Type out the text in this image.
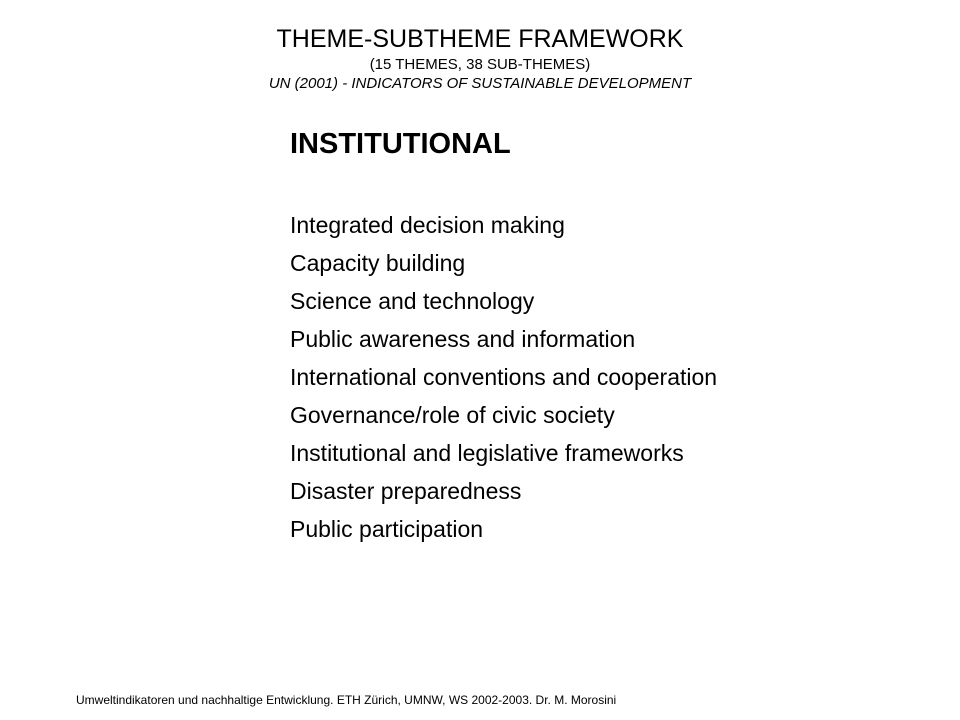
THEME-SUBTHEME FRAMEWORK
(15 THEMES, 38 SUB-THEMES)
UN (2001) - INDICATORS OF SUSTAINABLE DEVELOPMENT
INSTITUTIONAL
Integrated decision making
Capacity building
Science and technology
Public awareness and information
International conventions and cooperation
Governance/role of civic society
Institutional and legislative frameworks
Disaster preparedness
Public participation
Umweltindikatoren und nachhaltige Entwicklung. ETH Zürich, UMNW, WS 2002-2003. Dr. M. Morosini
